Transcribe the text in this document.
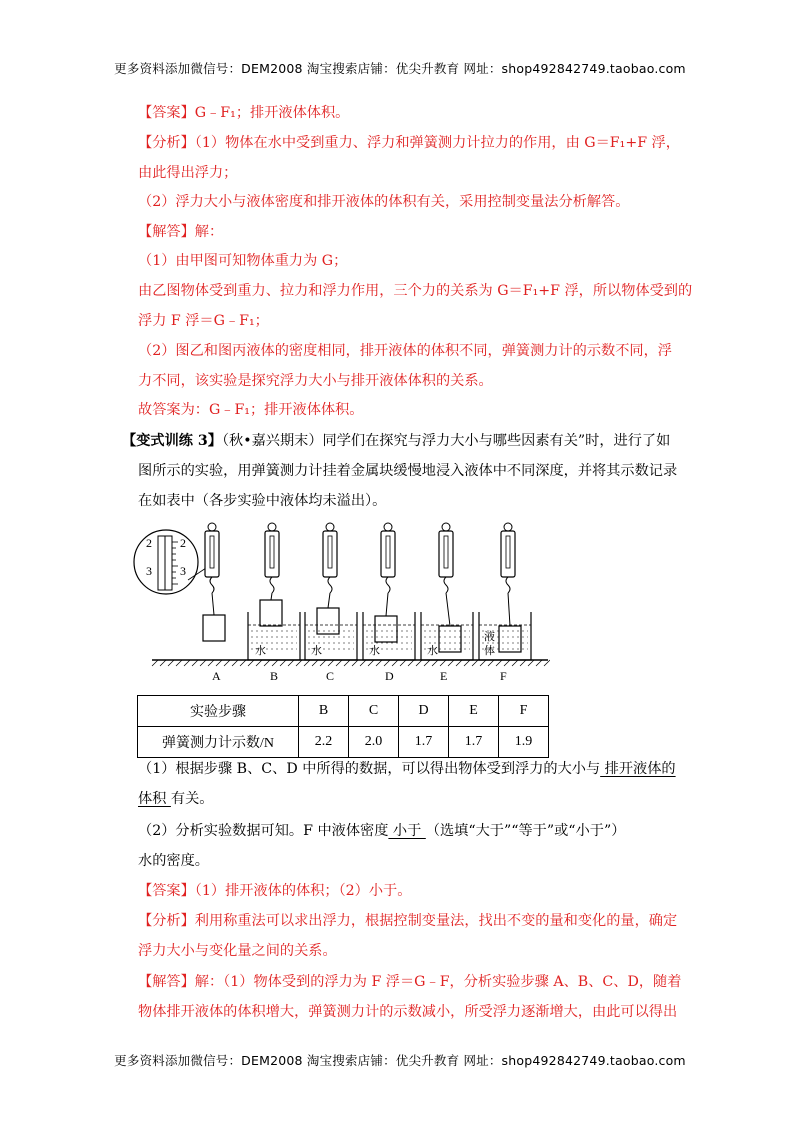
更多资料添加微信号：DEM2008 淘宝搜索店铺：优尖升教育 网址：shop492842749.taobao.com
【答案】G﹣F₁；排开液体体积。
【分析】（1）物体在水中受到重力、浮力和弹簧测力计拉力的作用，由 G＝F₁+F 浮，
由此得出浮力；
（2）浮力大小与液体密度和排开液体的体积有关，采用控制变量法分析解答。
【解答】解：
（1）由甲图可知物体重力为 G；
由乙图物体受到重力、拉力和浮力作用，三个力的关系为 G＝F₁+F 浮，所以物体受到的
浮力 F 浮＝G﹣F₁；
（2）图乙和图丙液体的密度相同，排开液体的体积不同，弹簧测力计的示数不同，浮
力不同，该实验是探究浮力大小与排开液体体积的关系。
故答案为：G﹣F₁；排开液体体积。
【变式训练 3】（秋•嘉兴期末）同学们在探究与浮力大小与哪些因素有关”时，进行了如
图所示的实验，用弹簧测力计挂着金属块缓慢地浸入液体中不同深度，并将其示数记录
在如表中（各步实验中液体均未溢出）。
2 2
3 3
A	B	C	D	E	F
水	水	水	水
液
体
实验步骤	B	C	D	E	F
弹簧测力计示数/N	2.2	2.0	1.7	1.7	1.9
（1）根据步骤 B、C、D 中所得的数据，可以得出物体受到浮力的大小与 排开液体的
体积 有关。
（2）分析实验数据可知。F 中液体密度 小于 （选填“大于”“等于”或“小于”）
水的密度。
【答案】（1）排开液体的体积；（2）小于。
【分析】利用称重法可以求出浮力，根据控制变量法，找出不变的量和变化的量，确定
浮力大小与变化量之间的关系。
【解答】解：（1）物体受到的浮力为 F 浮＝G﹣F，分析实验步骤 A、B、C、D，随着
物体排开液体的体积增大，弹簧测力计的示数减小，所受浮力逐渐增大，由此可以得出
更多资料添加微信号：DEM2008 淘宝搜索店铺：优尖升教育 网址：shop492842749.taobao.com
